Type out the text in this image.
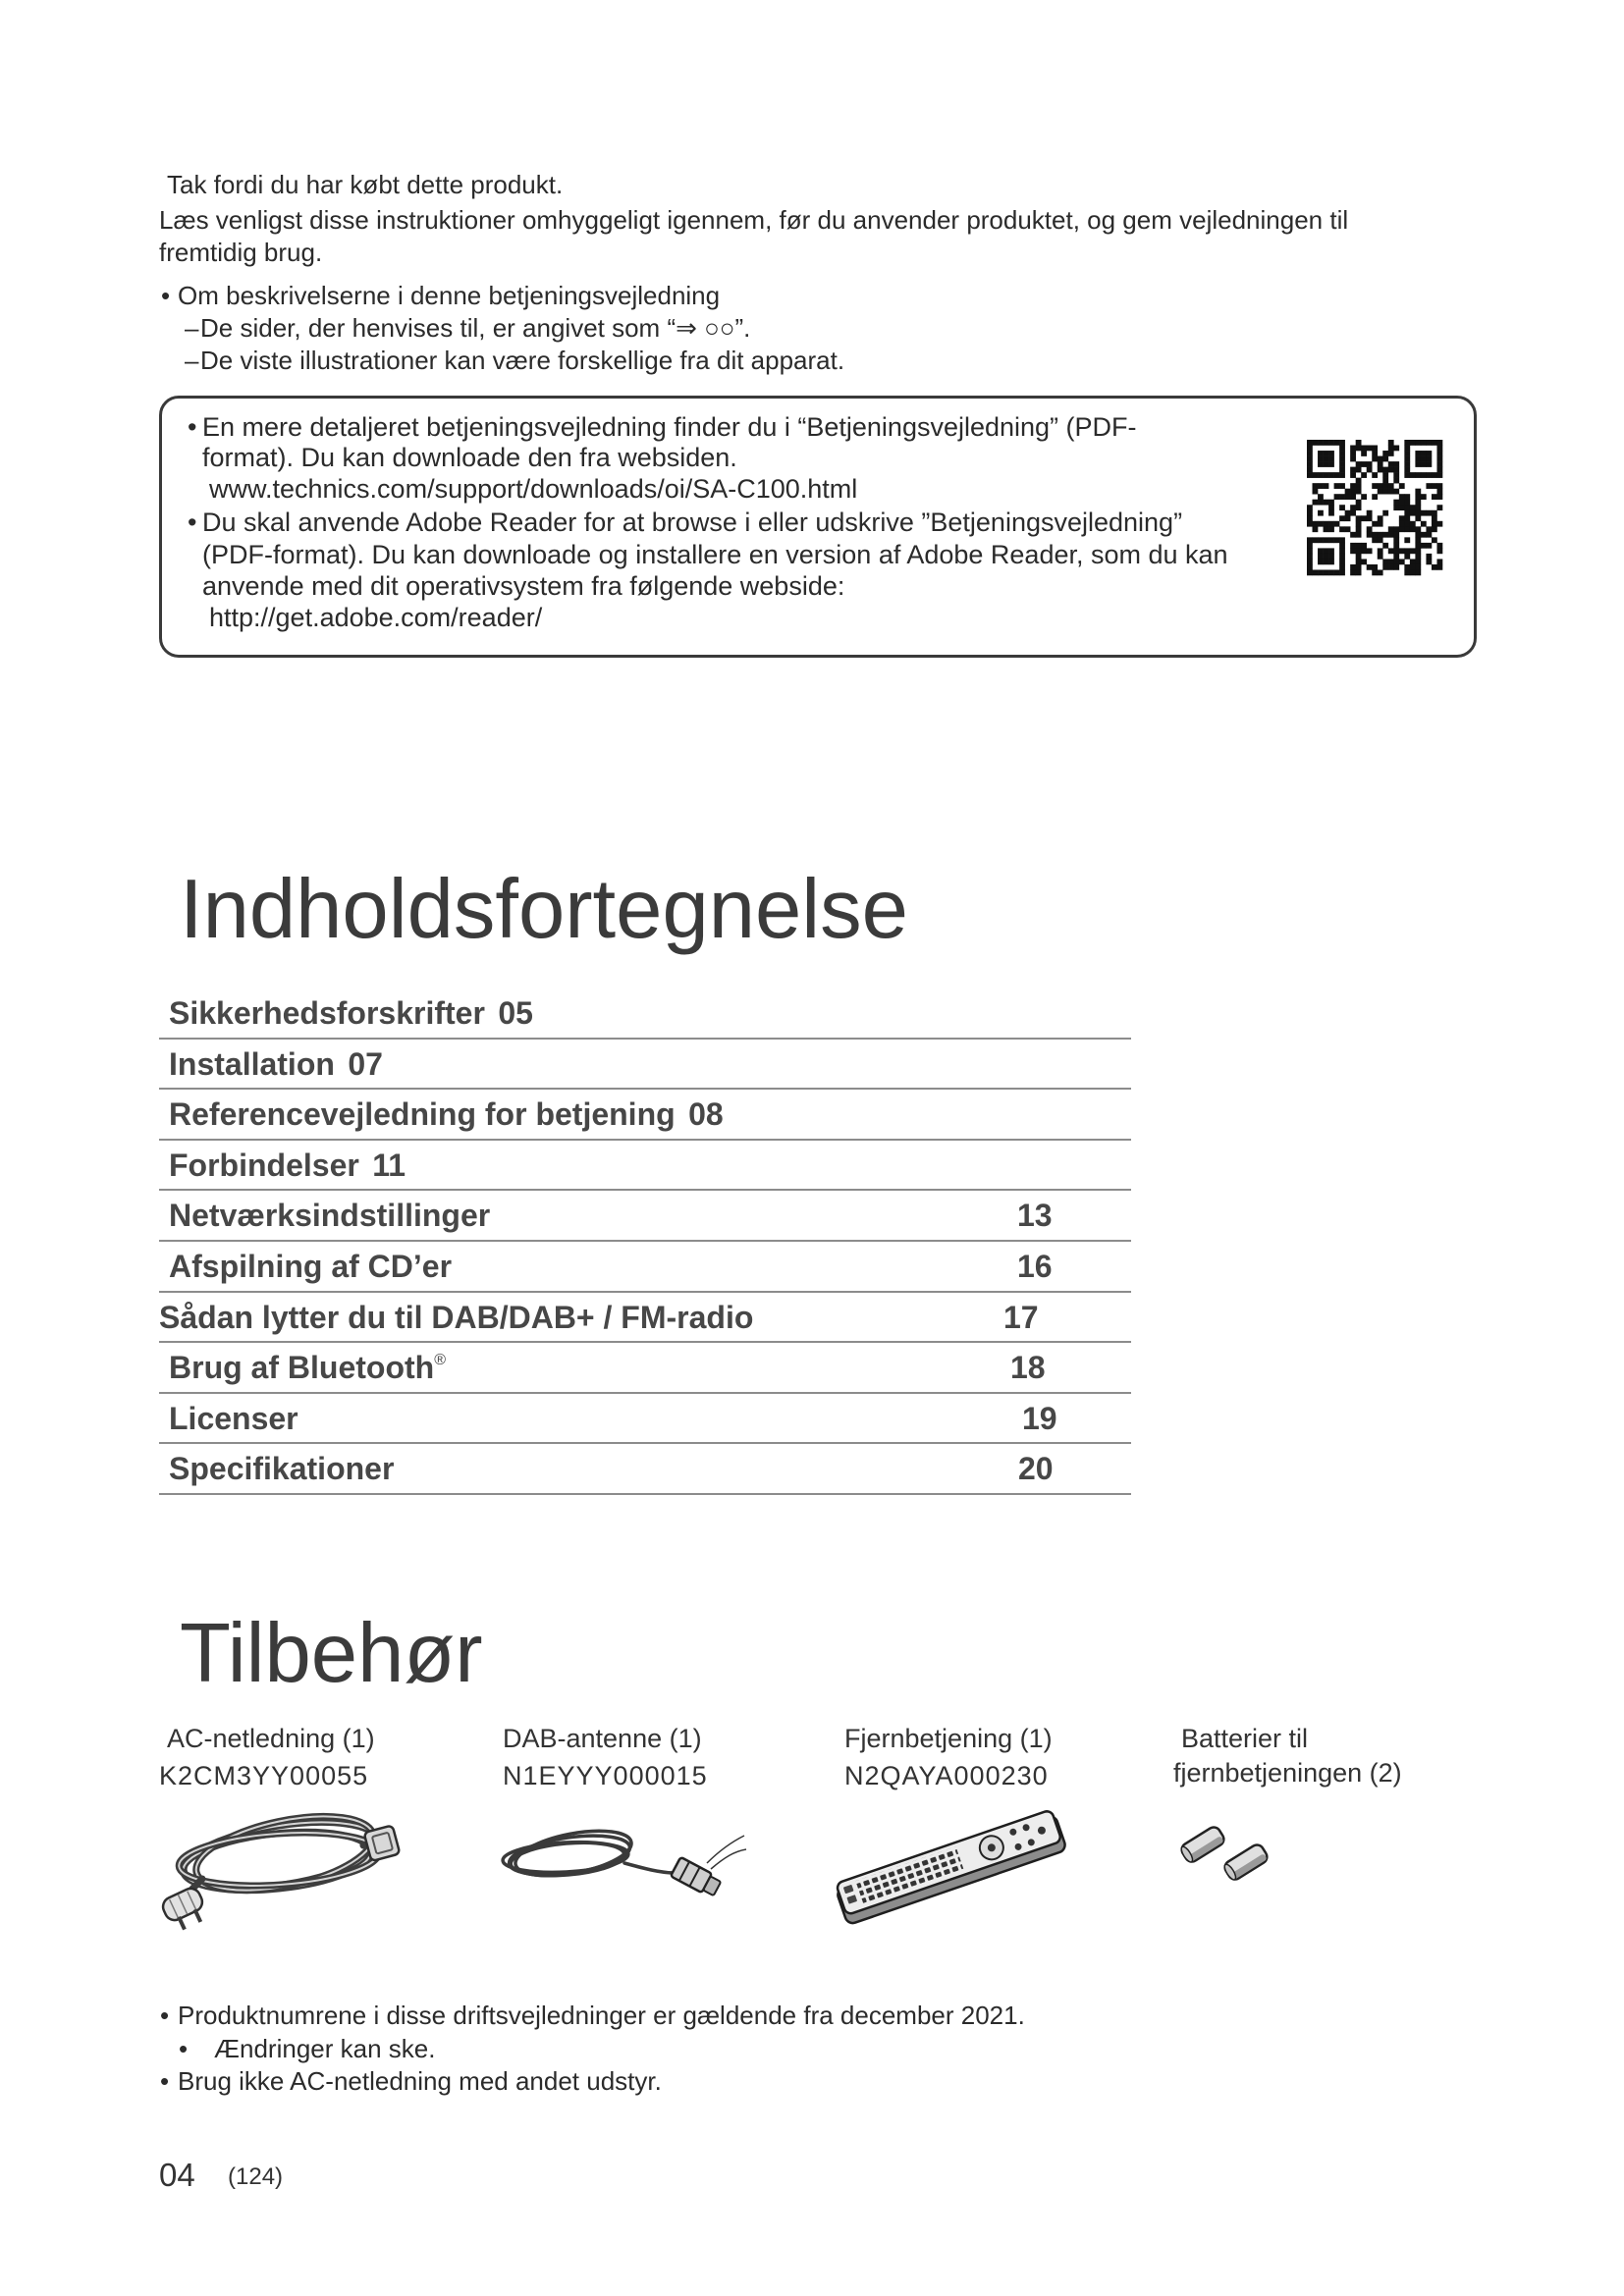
Tak fordi du har købt dette produkt.
Læs venligst disse instruktioner omhyggeligt igennem, før du anvender produktet, og gem vejledningen til
fremtidig brug.
• Om beskrivelserne i denne betjeningsvejledning
– De sider, der henvises til, er angivet som “⇒ ○○”.
– De viste illustrationer kan være forskellige fra dit apparat.
• En mere detaljeret betjeningsvejledning finder du i “Betjeningsvejledning” (PDF-
format). Du kan downloade den fra websiden.
www.technics.com/support/downloads/oi/SA-C100.html
• Du skal anvende Adobe Reader for at browse i eller udskrive ”Betjeningsvejledning”
(PDF-format). Du kan downloade og installere en version af Adobe Reader, som du kan
anvende med dit operativsystem fra følgende webside:
http://get.adobe.com/reader/
Indholdsfortegnelse
Sikkerhedsforskrifter 05
Installation 07
Referencevejledning for betjening 08
Forbindelser 11
Netværksindstillinger	13
Afspilning af CD’er	16
Sådan lytter du til DAB/DAB+ / FM-radio	17
Brug af Bluetooth®	18
Licenser	19
Specifikationer	20
Tilbehør
AC-netledning (1)
K2CM3YY00055
DAB-antenne (1)
N1EYYY000015
Fjernbetjening (1)
N2QAYA000230
Batterier til
fjernbetjeningen (2)
• Produktnumrene i disse driftsvejledninger er gældende fra december 2021.
• Ændringer kan ske.
• Brug ikke AC-netledning med andet udstyr.
04 (124)
